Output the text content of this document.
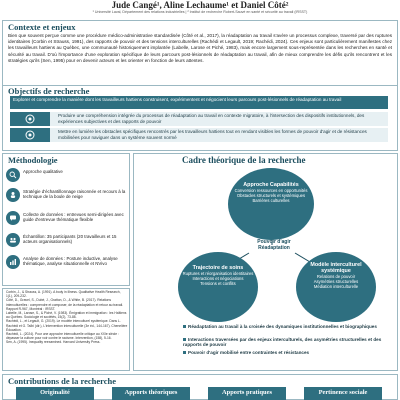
Jude Cangé¹, Aline Lechaume¹ et Daniel Côté²
¹ Université Laval, Département des relations industrielles | ² Institut de recherche Robert-Sauvé en santé et sécurité au travail (IRSST)
Contexte et enjeux
Bien que souvent perçue comme une procédure médico-administrative standardisée (Côté et al., 2017), la réadaptation au travail s'avère un processus complexe, traversé par des ruptures identitaires (Corbin et Strauss, 1991), des rapports de pouvoir et des tensions interculturelles (Rachédi et Legault, 2019; Rachédi, 2024). Ces enjeux sont particulièrement manifestes chez les travailleurs haïtiens au Québec, une communauté historiquement implantée (Labelle, Larose et Piché, 1983), mais encore largement sous-représentée dans les recherches en santé et sécurité au travail. D'où l'importance d'une exploration spécifique de leurs parcours post-lésionnels de réadaptation au travail, afin de mieux comprendre les défis qu'ils rencontrent et les stratégies qu'ils (Sen, 1995) pour en devenir acteurs et les orienter en fonction de leurs attentes.
Objectifs de recherche
Explorer et comprendre la manière dont les travailleurs haïtiens construisent, expérimentent et négocient leurs parcours post-lésionnels de réadaptation au travail
Produire une compréhension intégrée du processus de réadaptation au travail en contexte migratoire, à l'intersection des dispositifs institutionnels, des expériences subjectives et des rapports de pouvoir
Mettre en lumière les obstacles spécifiques rencontrés par les travailleurs haïtiens tout en rendant visibles les formes de pouvoir d'agir et de résistances mobilisées pour naviguer dans un système souvent normé
Méthodologie
Approche qualitative
Stratégie d'échantillonnage raisonnée et recours à la technique de la boule de neige
Collecte de données : entrevues semi-dirigées avec guide d'entrevue thématique flexible
Échantillon: 35 participants (20 travailleurs et 15 acteurs organisationnels)
Analyse de données : Posture inductive, analyse thématique, analyse situationnelle et NVivo
Cadre théorique de la recherche
Approche Capabilités
Conversion ressources en opportunités
Obstacles structurels et systémiques
Barrières culturelles
Pouvoir d'agir
Réadaptation
Trajectoire de soins
Ruptures et réorganisation identitaires
Interactions et négociations
Tensions et conflits
Modèle interculturel systémique
Relations de pouvoir
Asymétries structurelles
Médiation interculturelle
Réadaptation au travail à la croisée des dynamiques institutionnelles et biographiques
Interactions traversées par des enjeux interculturels, des asymétries structurelles et des rapports de pouvoir
Pouvoir d'agir mobilisé entre contraintes et résistances
Corbin, J., & Strauss, A. (1991). A body in illness. Qualitative Health Research, 1(1), 209-232.
Côté, D., Gravel, S., Dubé, J., Gratton, D., & White, B. (2017). Relations interculturelles : comprendre et composer, de la réadaptation et retour au travail. Rapport R-967, Montréal : IRSST.
Labelle, M., Larose, S., & Piché, V. (1983). Émigration et immigration : les Haïtiens au Québec. Sociologie et sociétés, 15(2), 73-88.
Rachédi, L., et Legault, G. (2019). Le modèle interculturel systémique. Dans L. Rachédi et G. Taïbi (dir.), L'intervention interculturelle (3e éd., 144-167). Chenelière Éducation.
Rachédi, L. (2024). Pour une approche interculturelle critique au XXIe siècle : dépasser la culture pour voir contre le racisme. Intervention, (158), 5-16.
Sen, A. (1995). Inequality reexamined. Harvard University Press.
Contributions de la recherche
Originalité	Apports théoriques	Apports pratiques	Pertinence sociale
